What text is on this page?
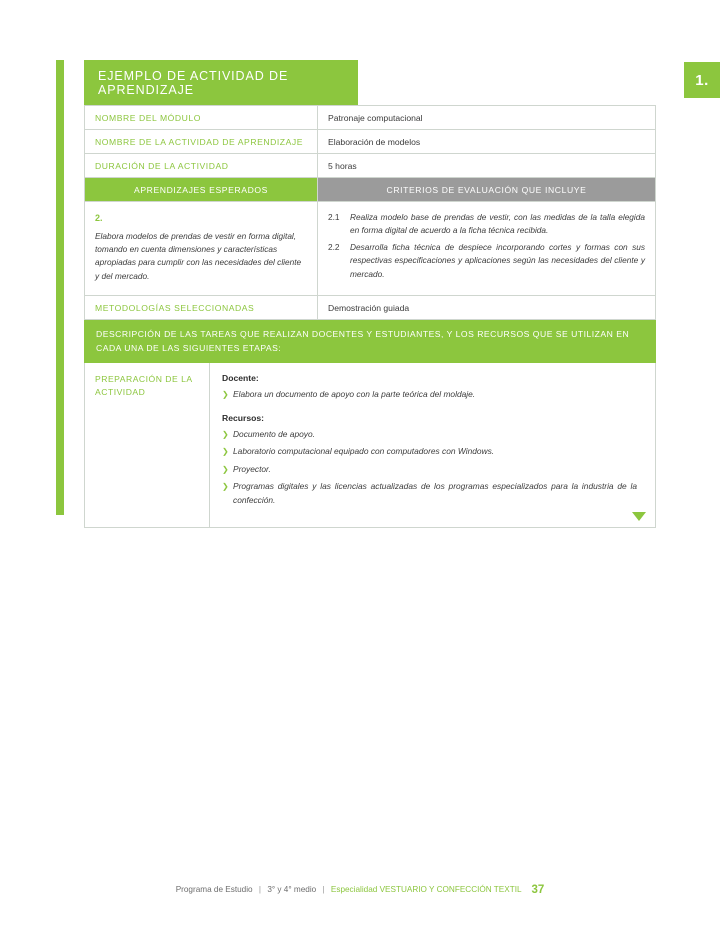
1.
EJEMPLO DE ACTIVIDAD DE APRENDIZAJE
NOMBRE DEL MÓDULO	Patronaje computacional
NOMBRE DE LA ACTIVIDAD DE APRENDIZAJE	Elaboración de modelos
DURACIÓN DE LA ACTIVIDAD	5 horas
APRENDIZAJES ESPERADOS	CRITERIOS DE EVALUACIÓN QUE INCLUYE

2.
Elabora modelos de prendas de vestir en forma digital, tomando en cuenta dimensiones y características apropiadas para cumplir con las necesidades del cliente y del mercado.	
2.1	Realiza modelo base de prendas de vestir, con las medidas de la talla elegida en forma digital de acuerdo a la ficha técnica recibida.
2.2	Desarrolla ficha técnica de despiece incorporando cortes y formas con sus respectivas especificaciones y aplicaciones según las necesidades del cliente y mercado.

METODOLOGÍAS SELECCIONADAS	Demostración guiada
DESCRIPCIÓN DE LAS TAREAS QUE REALIZAN DOCENTES Y ESTUDIANTES, Y LOS RECURSOS QUE SE UTILIZAN EN CADA UNA DE LAS SIGUIENTES ETAPAS:
PREPARACIÓN DE LA ACTIVIDAD	
Docente:
❯ Elabora un documento de apoyo con la parte teórica del moldaje.
Recursos:
❯ Documento de apoyo.
❯ Laboratorio computacional equipado con computadores con Windows.
❯ Proyector.
❯ Programas digitales y las licencias actualizadas de los programas especializados para la industria de la confección.
Programa de Estudio | 3° y 4° medio | Especialidad VESTUARIO Y CONFECCIÓN TEXTIL 37
